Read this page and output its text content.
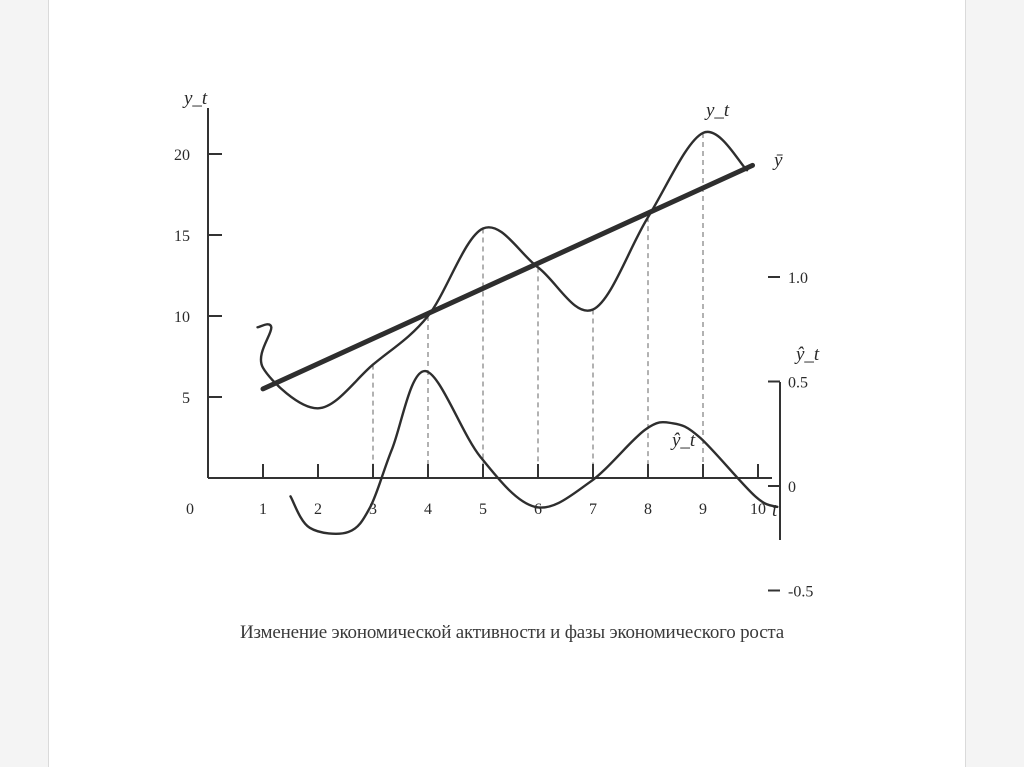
1	2	3	4	5	6	7	8	9	10
5
10
15
20
1.0
0.5
0
-0.5
y_t
ŷ_t
t
0
y_t
ȳ
ŷ_t
Изменение экономической активности и фазы экономического роста
